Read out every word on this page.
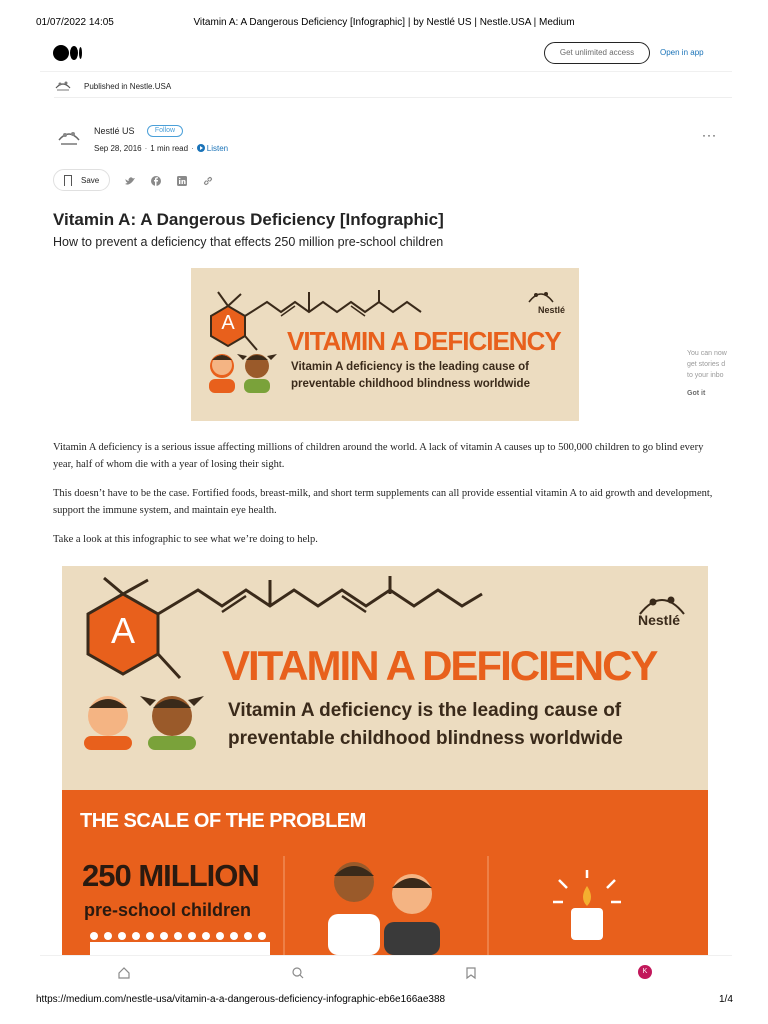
01/07/2022 14:05	Vitamin A: A Dangerous Deficiency [Infographic] | by Nestlé US | Nestle.USA | Medium
Get unlimited access	Open in app
Published in Nestle.USA
Nestlé US	Follow
Sep 28, 2016 · 1 min read · Listen
···
Save
Vitamin A: A Dangerous Deficiency [Infographic]
How to prevent a deficiency that effects 250 million pre-school children
Nestlé
A
VITAMIN A DEFICIENCY
Vitamin A deficiency is the leading cause of
preventable childhood blindness worldwide
You can now
get stories d
to your inbo
Got it

Vitamin A deficiency is a serious issue affecting millions of children around the world. A lack of vitamin A causes up to 500,000 children to go blind every year, half of whom die with a year of losing their sight.

This doesn’t have to be the case. Fortified foods, breast-milk, and short term supplements can all provide essential vitamin A to aid growth and development, support the immune system, and maintain eye health.

Take a look at this infographic to see what we’re doing to help.

Nestlé
A
VITAMIN A DEFICIENCY
Vitamin A deficiency is the leading cause of
preventable childhood blindness worldwide
THE SCALE OF THE PROBLEM
250 MILLION
pre-school children
K
https://medium.com/nestle-usa/vitamin-a-a-dangerous-deficiency-infographic-eb6e166ae388	1/4
